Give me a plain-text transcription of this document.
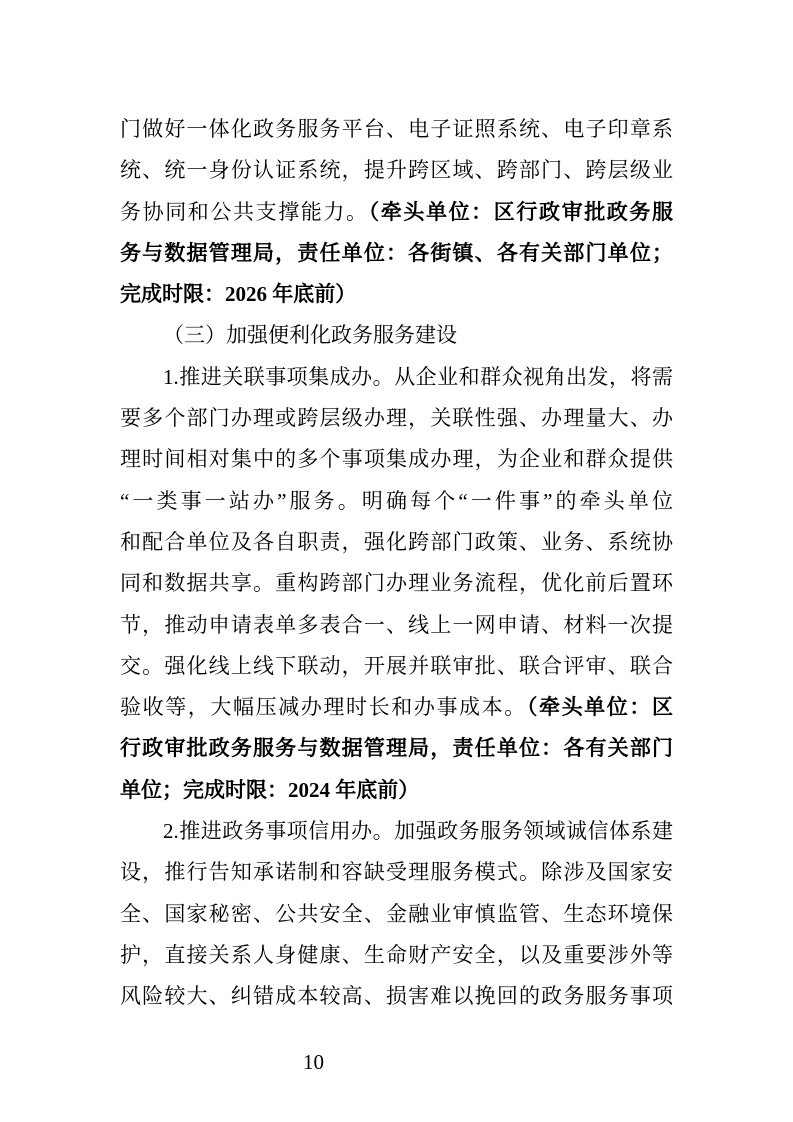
门做好一体化政务服务平台、电子证照系统、电子印章系
统、统一身份认证系统，提升跨区域、跨部门、跨层级业
务协同和公共支撑能力。（牵头单位：区行政审批政务服
务与数据管理局，责任单位：各街镇、各有关部门单位；
完成时限：2026 年底前）
（三）加强便利化政务服务建设
1.推进关联事项集成办。从企业和群众视角出发，将需
要多个部门办理或跨层级办理，关联性强、办理量大、办
理时间相对集中的多个事项集成办理，为企业和群众提供
“一类事一站办”服务。明确每个“一件事”的牵头单位
和配合单位及各自职责，强化跨部门政策、业务、系统协
同和数据共享。重构跨部门办理业务流程，优化前后置环
节，推动申请表单多表合一、线上一网申请、材料一次提
交。强化线上线下联动，开展并联审批、联合评审、联合
验收等，大幅压减办理时长和办事成本。（牵头单位：区
行政审批政务服务与数据管理局，责任单位：各有关部门
单位；完成时限：2024 年底前）
2.推进政务事项信用办。加强政务服务领域诚信体系建
设，推行告知承诺制和容缺受理服务模式。除涉及国家安
全、国家秘密、公共安全、金融业审慎监管、生态环境保
护，直接关系人身健康、生命财产安全，以及重要涉外等
风险较大、纠错成本较高、损害难以挽回的政务服务事项
10
